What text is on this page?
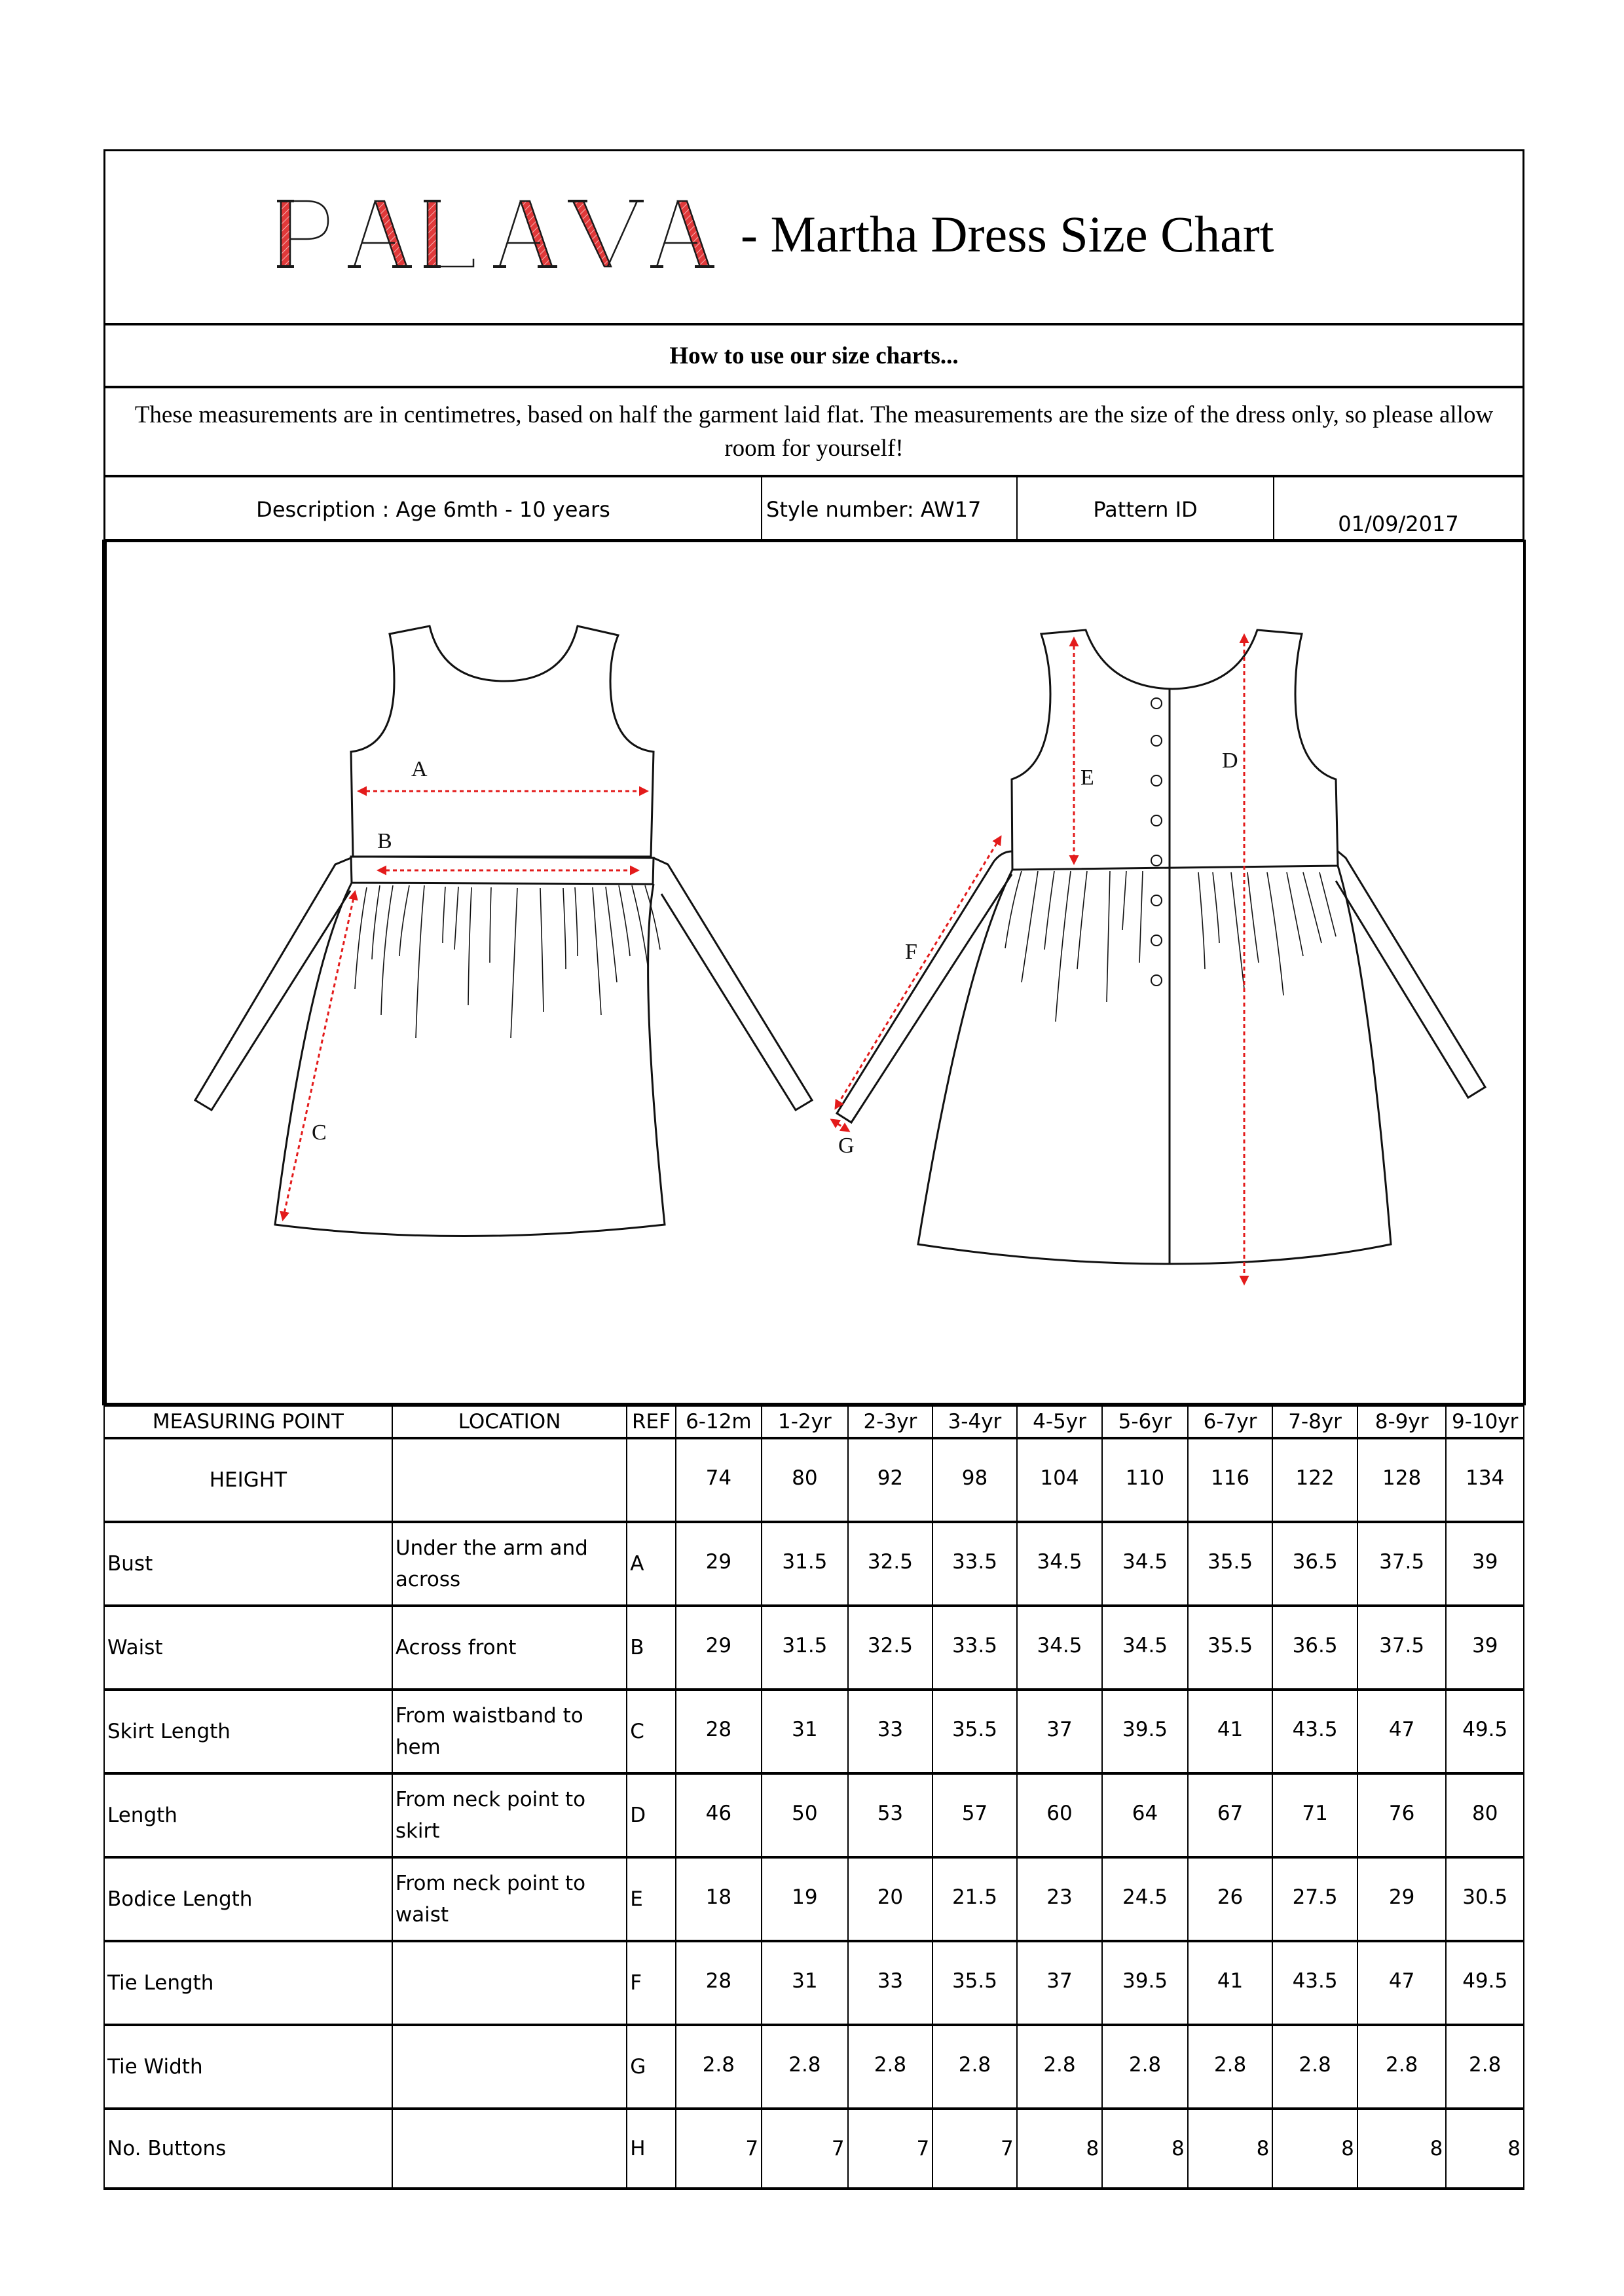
- Martha Dress Size Chart
How to use our size charts...
These measurements are in centimetres, based on half the garment laid flat. The measurements are the size of the dress only, so please allow room for yourself!
Description : Age 6mth - 10 years	Style number: AW17	Pattern ID
01/09/2017
A
B
C
D
E
F
G
MEASURING POINT	LOCATION	REF	6-12m	1-2yr	2-3yr	3-4yr	4-5yr	5-6yr	6-7yr	7-8yr	8-9yr	9-10yr
HEIGHT			74	80	92	98	104	110	116	122	128	134
Bust	Under the arm and across	A	29	31.5	32.5	33.5	34.5	34.5	35.5	36.5	37.5	39
Waist	Across front	B	29	31.5	32.5	33.5	34.5	34.5	35.5	36.5	37.5	39
Skirt Length	From waistband to hem	C	28	31	33	35.5	37	39.5	41	43.5	47	49.5
Length	From neck point to skirt	D	46	50	53	57	60	64	67	71	76	80
Bodice Length	From neck point to waist	E	18	19	20	21.5	23	24.5	26	27.5	29	30.5
Tie Length		F	28	31	33	35.5	37	39.5	41	43.5	47	49.5
Tie Width		G	2.8	2.8	2.8	2.8	2.8	2.8	2.8	2.8	2.8	2.8
No. Buttons		H	7	7	7	7	8	8	8	8	8	8
